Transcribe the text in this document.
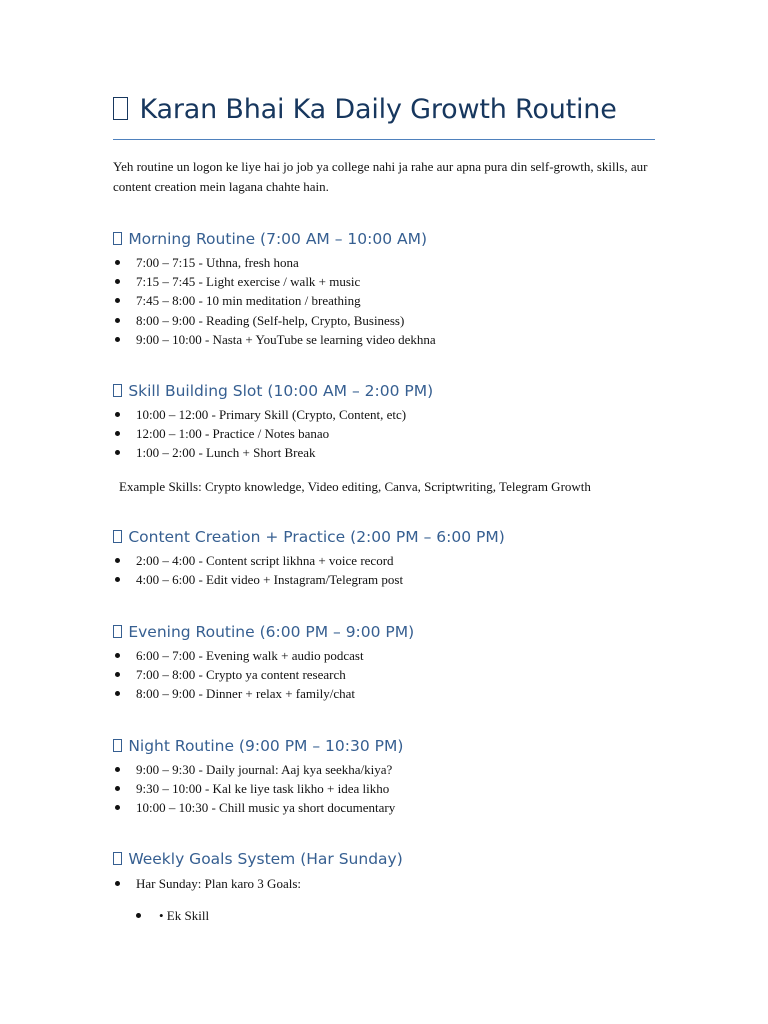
Karan Bhai Ka Daily Growth Routine
Yeh routine un logon ke liye hai jo job ya college nahi ja rahe aur apna pura din self-growth, skills, aur content creation mein lagana chahte hain.
Morning Routine (7:00 AM – 10:00 AM)
7:00 – 7:15 - Uthna, fresh hona
7:15 – 7:45 - Light exercise / walk + music
7:45 – 8:00 - 10 min meditation / breathing
8:00 – 9:00 - Reading (Self-help, Crypto, Business)
9:00 – 10:00 - Nasta + YouTube se learning video dekhna
Skill Building Slot (10:00 AM – 2:00 PM)
10:00 – 12:00 - Primary Skill (Crypto, Content, etc)
12:00 – 1:00 - Practice / Notes banao
1:00 – 2:00 - Lunch + Short Break
Example Skills: Crypto knowledge, Video editing, Canva, Scriptwriting, Telegram Growth
Content Creation + Practice (2:00 PM – 6:00 PM)
2:00 – 4:00 - Content script likhna + voice record
4:00 – 6:00 - Edit video + Instagram/Telegram post
Evening Routine (6:00 PM – 9:00 PM)
6:00 – 7:00 - Evening walk + audio podcast
7:00 – 8:00 - Crypto ya content research
8:00 – 9:00 - Dinner + relax + family/chat
Night Routine (9:00 PM – 10:30 PM)
9:00 – 9:30 - Daily journal: Aaj kya seekha/kiya?
9:30 – 10:00 - Kal ke liye task likho + idea likho
10:00 – 10:30 - Chill music ya short documentary
Weekly Goals System (Har Sunday)
Har Sunday: Plan karo 3 Goals:
• Ek Skill
